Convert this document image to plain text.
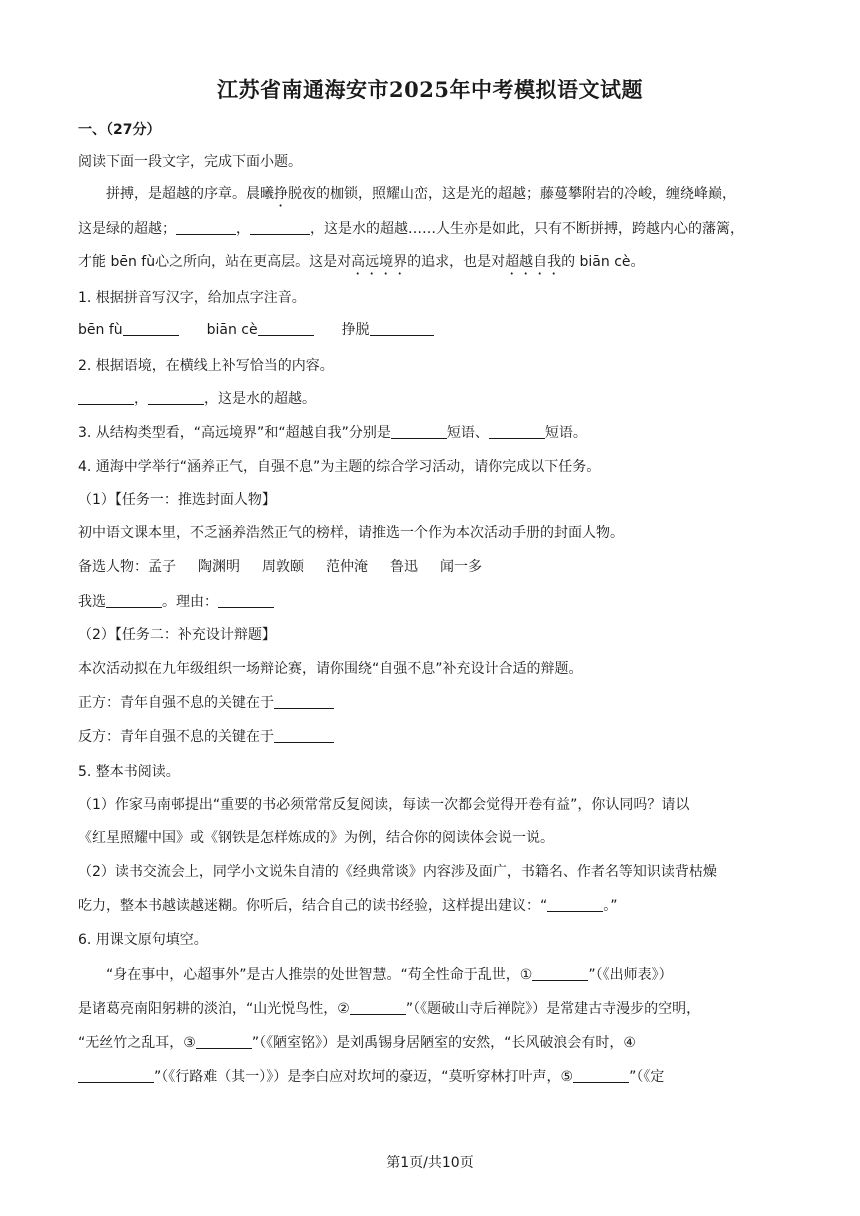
江苏省南通海安市2025年中考模拟语文试题
一、（27分）
阅读下面一段文字，完成下面小题。
拼搏，是超越的序章。晨曦挣脱夜的枷锁，照耀山峦，这是光的超越；藤蔓攀附岩的冷峻，缠绕峰巅，
这是绿的超越；	，	，这是水的超越……人生亦是如此，只有不断拼搏，跨越内心的藩篱，
才能 bēn fù心之所向，站在更高层。这是对高远境界的追求，也是对超越自我的 biān cè。
1. 根据拼音写汉字，给加点字注音。
bēn fù	biān cè	挣脱
2. 根据语境，在横线上补写恰当的内容。
，	，这是水的超越。
3. 从结构类型看，“高远境界”和“超越自我”分别是	短语、	短语。
4. 通海中学举行“涵养正气，自强不息”为主题的综合学习活动，请你完成以下任务。
（1）【任务一：推选封面人物】
初中语文课本里，不乏涵养浩然正气的榜样，请推选一个作为本次活动手册的封面人物。
备选人物：孟子 陶渊明 周敦颐 范仲淹 鲁迅 闻一多
我选	。理由：
（2）【任务二：补充设计辩题】
本次活动拟在九年级组织一场辩论赛，请你围绕“自强不息”补充设计合适的辩题。
正方：青年自强不息的关键在于
反方：青年自强不息的关键在于
5. 整本书阅读。
（1）作家马南邨提出“重要的书必须常常反复阅读，每读一次都会觉得开卷有益”，你认同吗？请以
《红星照耀中国》或《钢铁是怎样炼成的》为例，结合你的阅读体会说一说。
（2）读书交流会上，同学小文说朱自清的《经典常谈》内容涉及面广，书籍名、作者名等知识读背枯燥
吃力，整本书越读越迷糊。你听后，结合自己的读书经验，这样提出建议：“	。”
6. 用课文原句填空。
“身在事中，心超事外”是古人推崇的处世智慧。“苟全性命于乱世，①	”（《出师表》）
是诸葛亮南阳躬耕的淡泊，“山光悦鸟性，②	”（《题破山寺后禅院》）是常建古寺漫步的空明，
“无丝竹之乱耳，③	”（《陋室铭》）是刘禹锡身居陋室的安然，“长风破浪会有时，④
”（《行路难（其一）》）是李白应对坎坷的豪迈，“莫听穿林打叶声，⑤	”（《定
第1页/共10页
